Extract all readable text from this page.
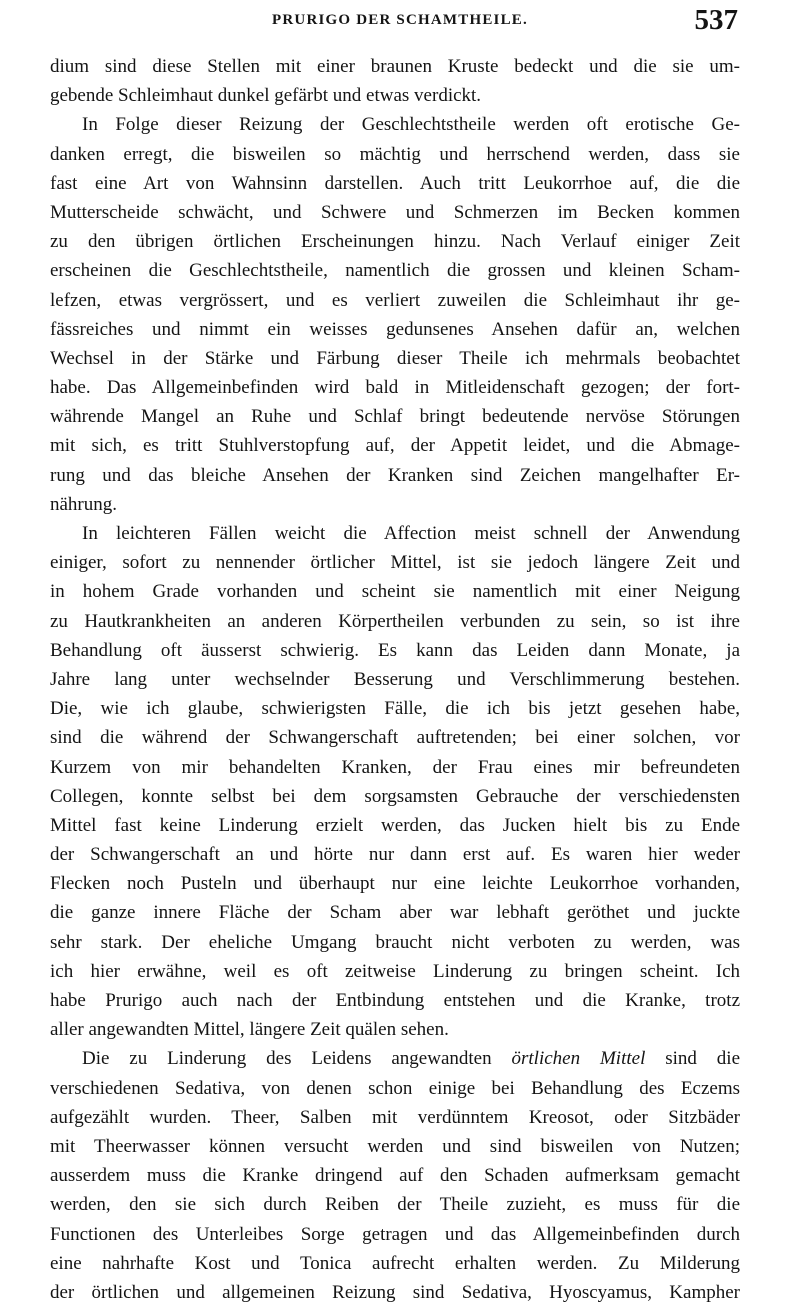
PRURIGO DER SCHAMTHEILE.	537
dium sind diese Stellen mit einer braunen Kruste bedeckt und die sie um-
gebende Schleimhaut dunkel gefärbt und etwas verdickt.
In Folge dieser Reizung der Geschlechtstheile werden oft erotische Ge-
danken erregt, die bisweilen so mächtig und herrschend werden, dass sie
fast eine Art von Wahnsinn darstellen. Auch tritt Leukorrhoe auf, die die
Mutterscheide schwächt, und Schwere und Schmerzen im Becken kommen
zu den übrigen örtlichen Erscheinungen hinzu. Nach Verlauf einiger Zeit
erscheinen die Geschlechtstheile, namentlich die grossen und kleinen Scham-
lefzen, etwas vergrössert, und es verliert zuweilen die Schleimhaut ihr ge-
fässreiches und nimmt ein weisses gedunsenes Ansehen dafür an, welchen
Wechsel in der Stärke und Färbung dieser Theile ich mehrmals beobachtet
habe. Das Allgemeinbefinden wird bald in Mitleidenschaft gezogen; der fort-
währende Mangel an Ruhe und Schlaf bringt bedeutende nervöse Störungen
mit sich, es tritt Stuhlverstopfung auf, der Appetit leidet, und die Abmage-
rung und das bleiche Ansehen der Kranken sind Zeichen mangelhafter Er-
nährung.
In leichteren Fällen weicht die Affection meist schnell der Anwendung
einiger, sofort zu nennender örtlicher Mittel, ist sie jedoch längere Zeit und
in hohem Grade vorhanden und scheint sie namentlich mit einer Neigung
zu Hautkrankheiten an anderen Körpertheilen verbunden zu sein, so ist ihre
Behandlung oft äusserst schwierig. Es kann das Leiden dann Monate, ja
Jahre lang unter wechselnder Besserung und Verschlimmerung bestehen.
Die, wie ich glaube, schwierigsten Fälle, die ich bis jetzt gesehen habe,
sind die während der Schwangerschaft auftretenden; bei einer solchen, vor
Kurzem von mir behandelten Kranken, der Frau eines mir befreundeten
Collegen, konnte selbst bei dem sorgsamsten Gebrauche der verschiedensten
Mittel fast keine Linderung erzielt werden, das Jucken hielt bis zu Ende
der Schwangerschaft an und hörte nur dann erst auf. Es waren hier weder
Flecken noch Pusteln und überhaupt nur eine leichte Leukorrhoe vorhanden,
die ganze innere Fläche der Scham aber war lebhaft geröthet und juckte
sehr stark. Der eheliche Umgang braucht nicht verboten zu werden, was
ich hier erwähne, weil es oft zeitweise Linderung zu bringen scheint. Ich
habe Prurigo auch nach der Entbindung entstehen und die Kranke, trotz
aller angewandten Mittel, längere Zeit quälen sehen.
Die zu Linderung des Leidens angewandten örtlichen Mittel sind die
verschiedenen Sedativa, von denen schon einige bei Behandlung des Eczems
aufgezählt wurden. Theer, Salben mit verdünntem Kreosot, oder Sitzbäder
mit Theerwasser können versucht werden und sind bisweilen von Nutzen;
ausserdem muss die Kranke dringend auf den Schaden aufmerksam gemacht
werden, den sie sich durch Reiben der Theile zuzieht, es muss für die
Functionen des Unterleibes Sorge getragen und das Allgemeinbefinden durch
eine nahrhafte Kost und Tonica aufrecht erhalten werden. Zu Milderung
der örtlichen und allgemeinen Reizung sind Sedativa, Hyoscyamus, Kampher
